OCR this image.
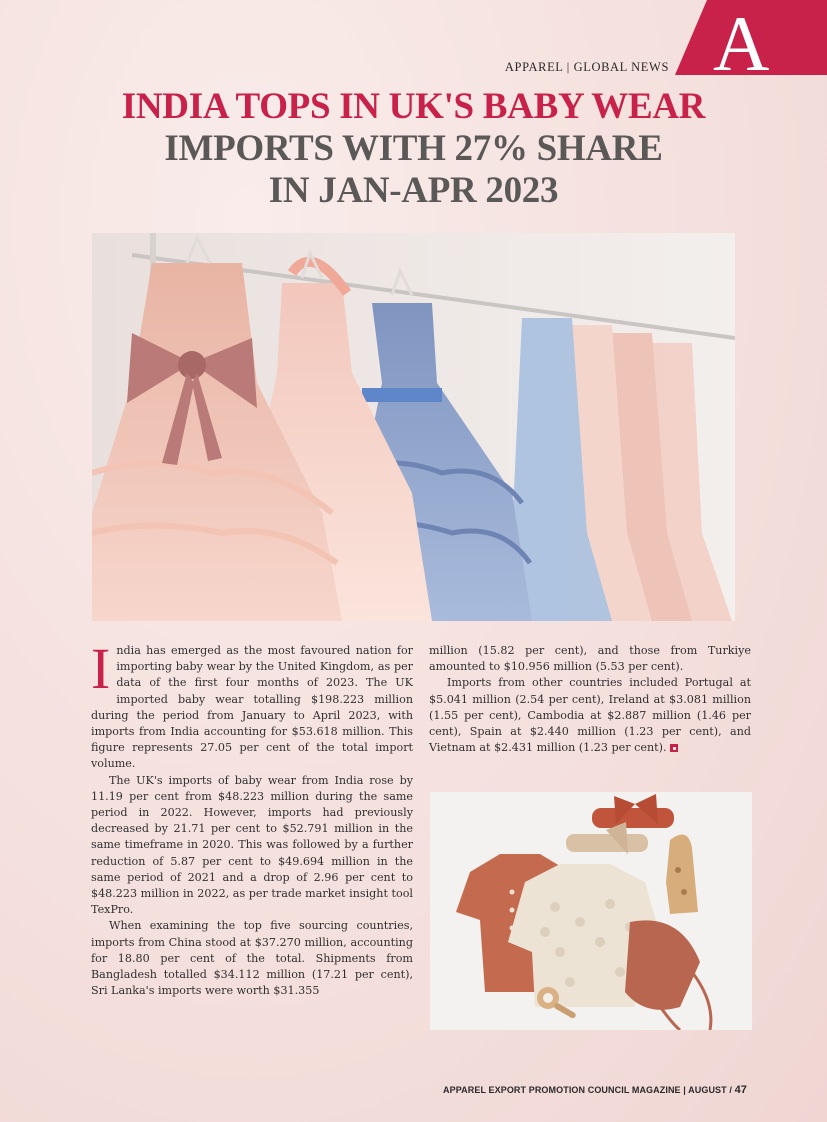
A
APPAREL | GLOBAL NEWS
INDIA TOPS IN UK'S BABY WEAR
IMPORTS WITH 27% SHARE
IN JAN-APR 2023

India has emerged as the most favoured nation for importing baby wear by the United Kingdom, as per data of the first four months of 2023. The UK imported baby wear totalling $198.223 million during the period from January to April 2023, with imports from India accounting for $53.618 million. This figure represents 27.05 per cent of the total import volume.

The UK's imports of baby wear from India rose by 11.19 per cent from $48.223 million during the same period in 2022. However, imports had previously decreased by 21.71 per cent to $52.791 million in the same timeframe in 2020. This was followed by a further reduction of 5.87 per cent to $49.694 million in the same period of 2021 and a drop of 2.96 per cent to $48.223 million in 2022, as per trade market insight tool TexPro.

When examining the top five sourcing countries, imports from China stood at $37.270 million, accounting for 18.80 per cent of the total. Shipments from Bangladesh totalled $34.112 million (17.21 per cent), Sri Lanka's imports were worth $31.355

million (15.82 per cent), and those from Turkiye amounted to $10.956 million (5.53 per cent).

Imports from other countries included Portugal at $5.041 million (2.54 per cent), Ireland at $3.081 million (1.55 per cent), Cambodia at $2.887 million (1.46 per cent), Spain at $2.440 million (1.23 per cent), and Vietnam at $2.431 million (1.23 per cent).

APPAREL EXPORT PROMOTION COUNCIL MAGAZINE | AUGUST / 47
